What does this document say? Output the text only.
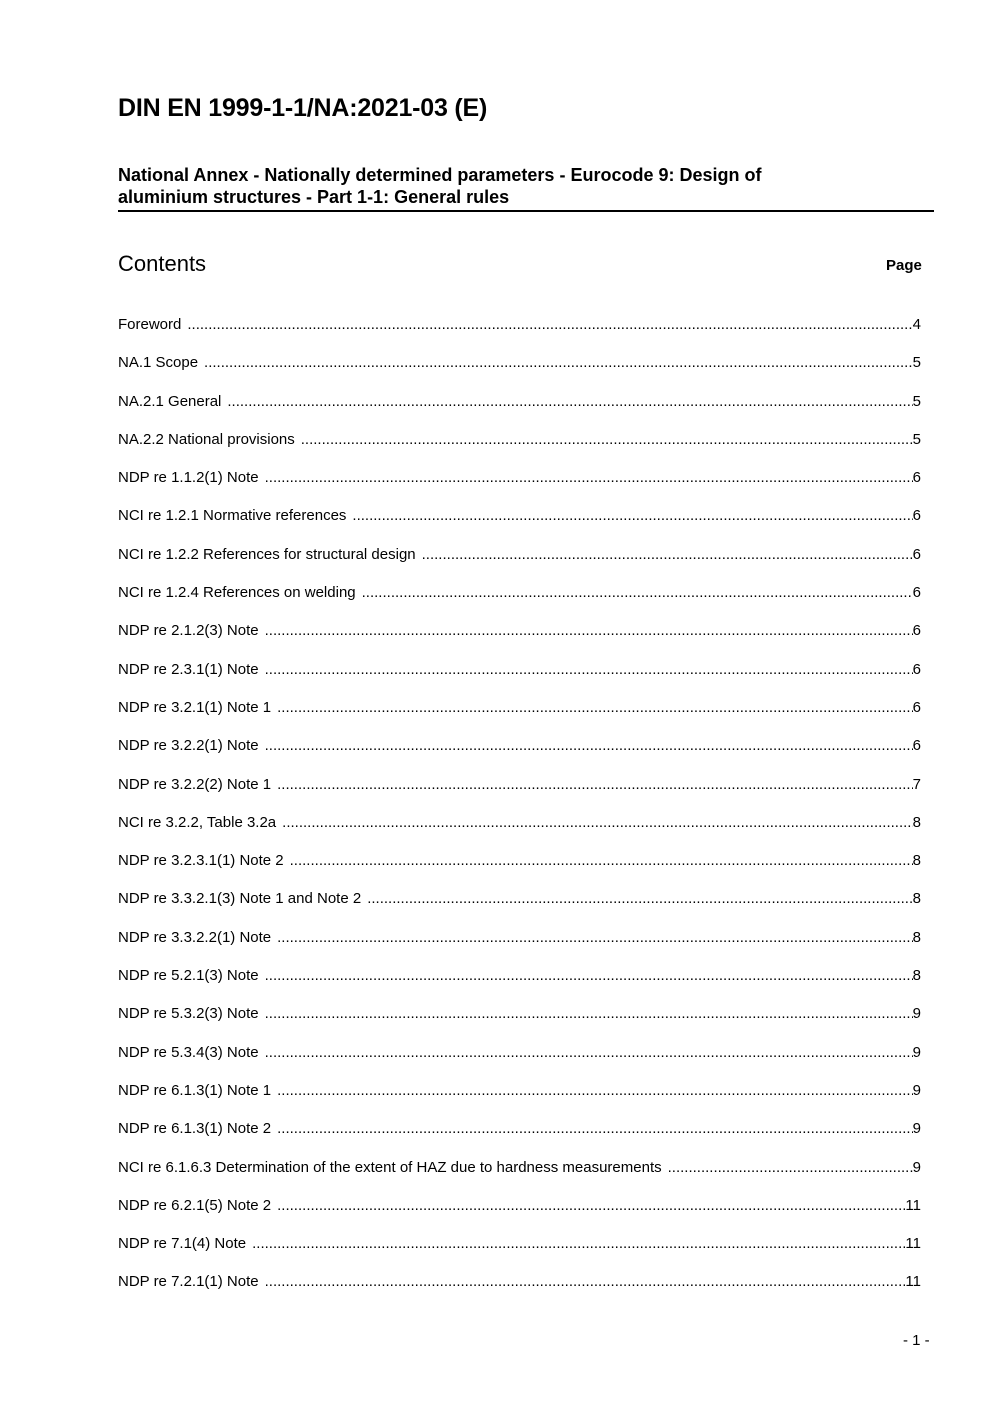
DIN EN 1999-1-1/NA:2021-03 (E)
National Annex - Nationally determined parameters - Eurocode 9: Design of
aluminium structures - Part 1-1: General rules
Contents	Page
Foreword .....	4
NA.1 Scope .....	5
NA.2.1 General .....	5
NA.2.2 National provisions .....	5
NDP re 1.1.2(1) Note .....	6
NCI re 1.2.1 Normative references .....	6
NCI re 1.2.2 References for structural design .....	6
NCI re 1.2.4 References on welding .....	6
NDP re 2.1.2(3) Note .....	6
NDP re 2.3.1(1) Note .....	6
NDP re 3.2.1(1) Note 1 .....	6
NDP re 3.2.2(1) Note .....	6
NDP re 3.2.2(2) Note 1 .....	7
NCI re 3.2.2, Table 3.2a .....	8
NDP re 3.2.3.1(1) Note 2 .....	8
NDP re 3.3.2.1(3) Note 1 and Note 2 .....	8
NDP re 3.3.2.2(1) Note .....	8
NDP re 5.2.1(3) Note .....	8
NDP re 5.3.2(3) Note .....	9
NDP re 5.3.4(3) Note .....	9
NDP re 6.1.3(1) Note 1 .....	9
NDP re 6.1.3(1) Note 2 .....	9
NCI re 6.1.6.3 Determination of the extent of HAZ due to hardness measurements .....	9
NDP re 6.2.1(5) Note 2 .....	11
NDP re 7.1(4) Note .....	11
NDP re 7.2.1(1) Note .....	11
- 1 -
